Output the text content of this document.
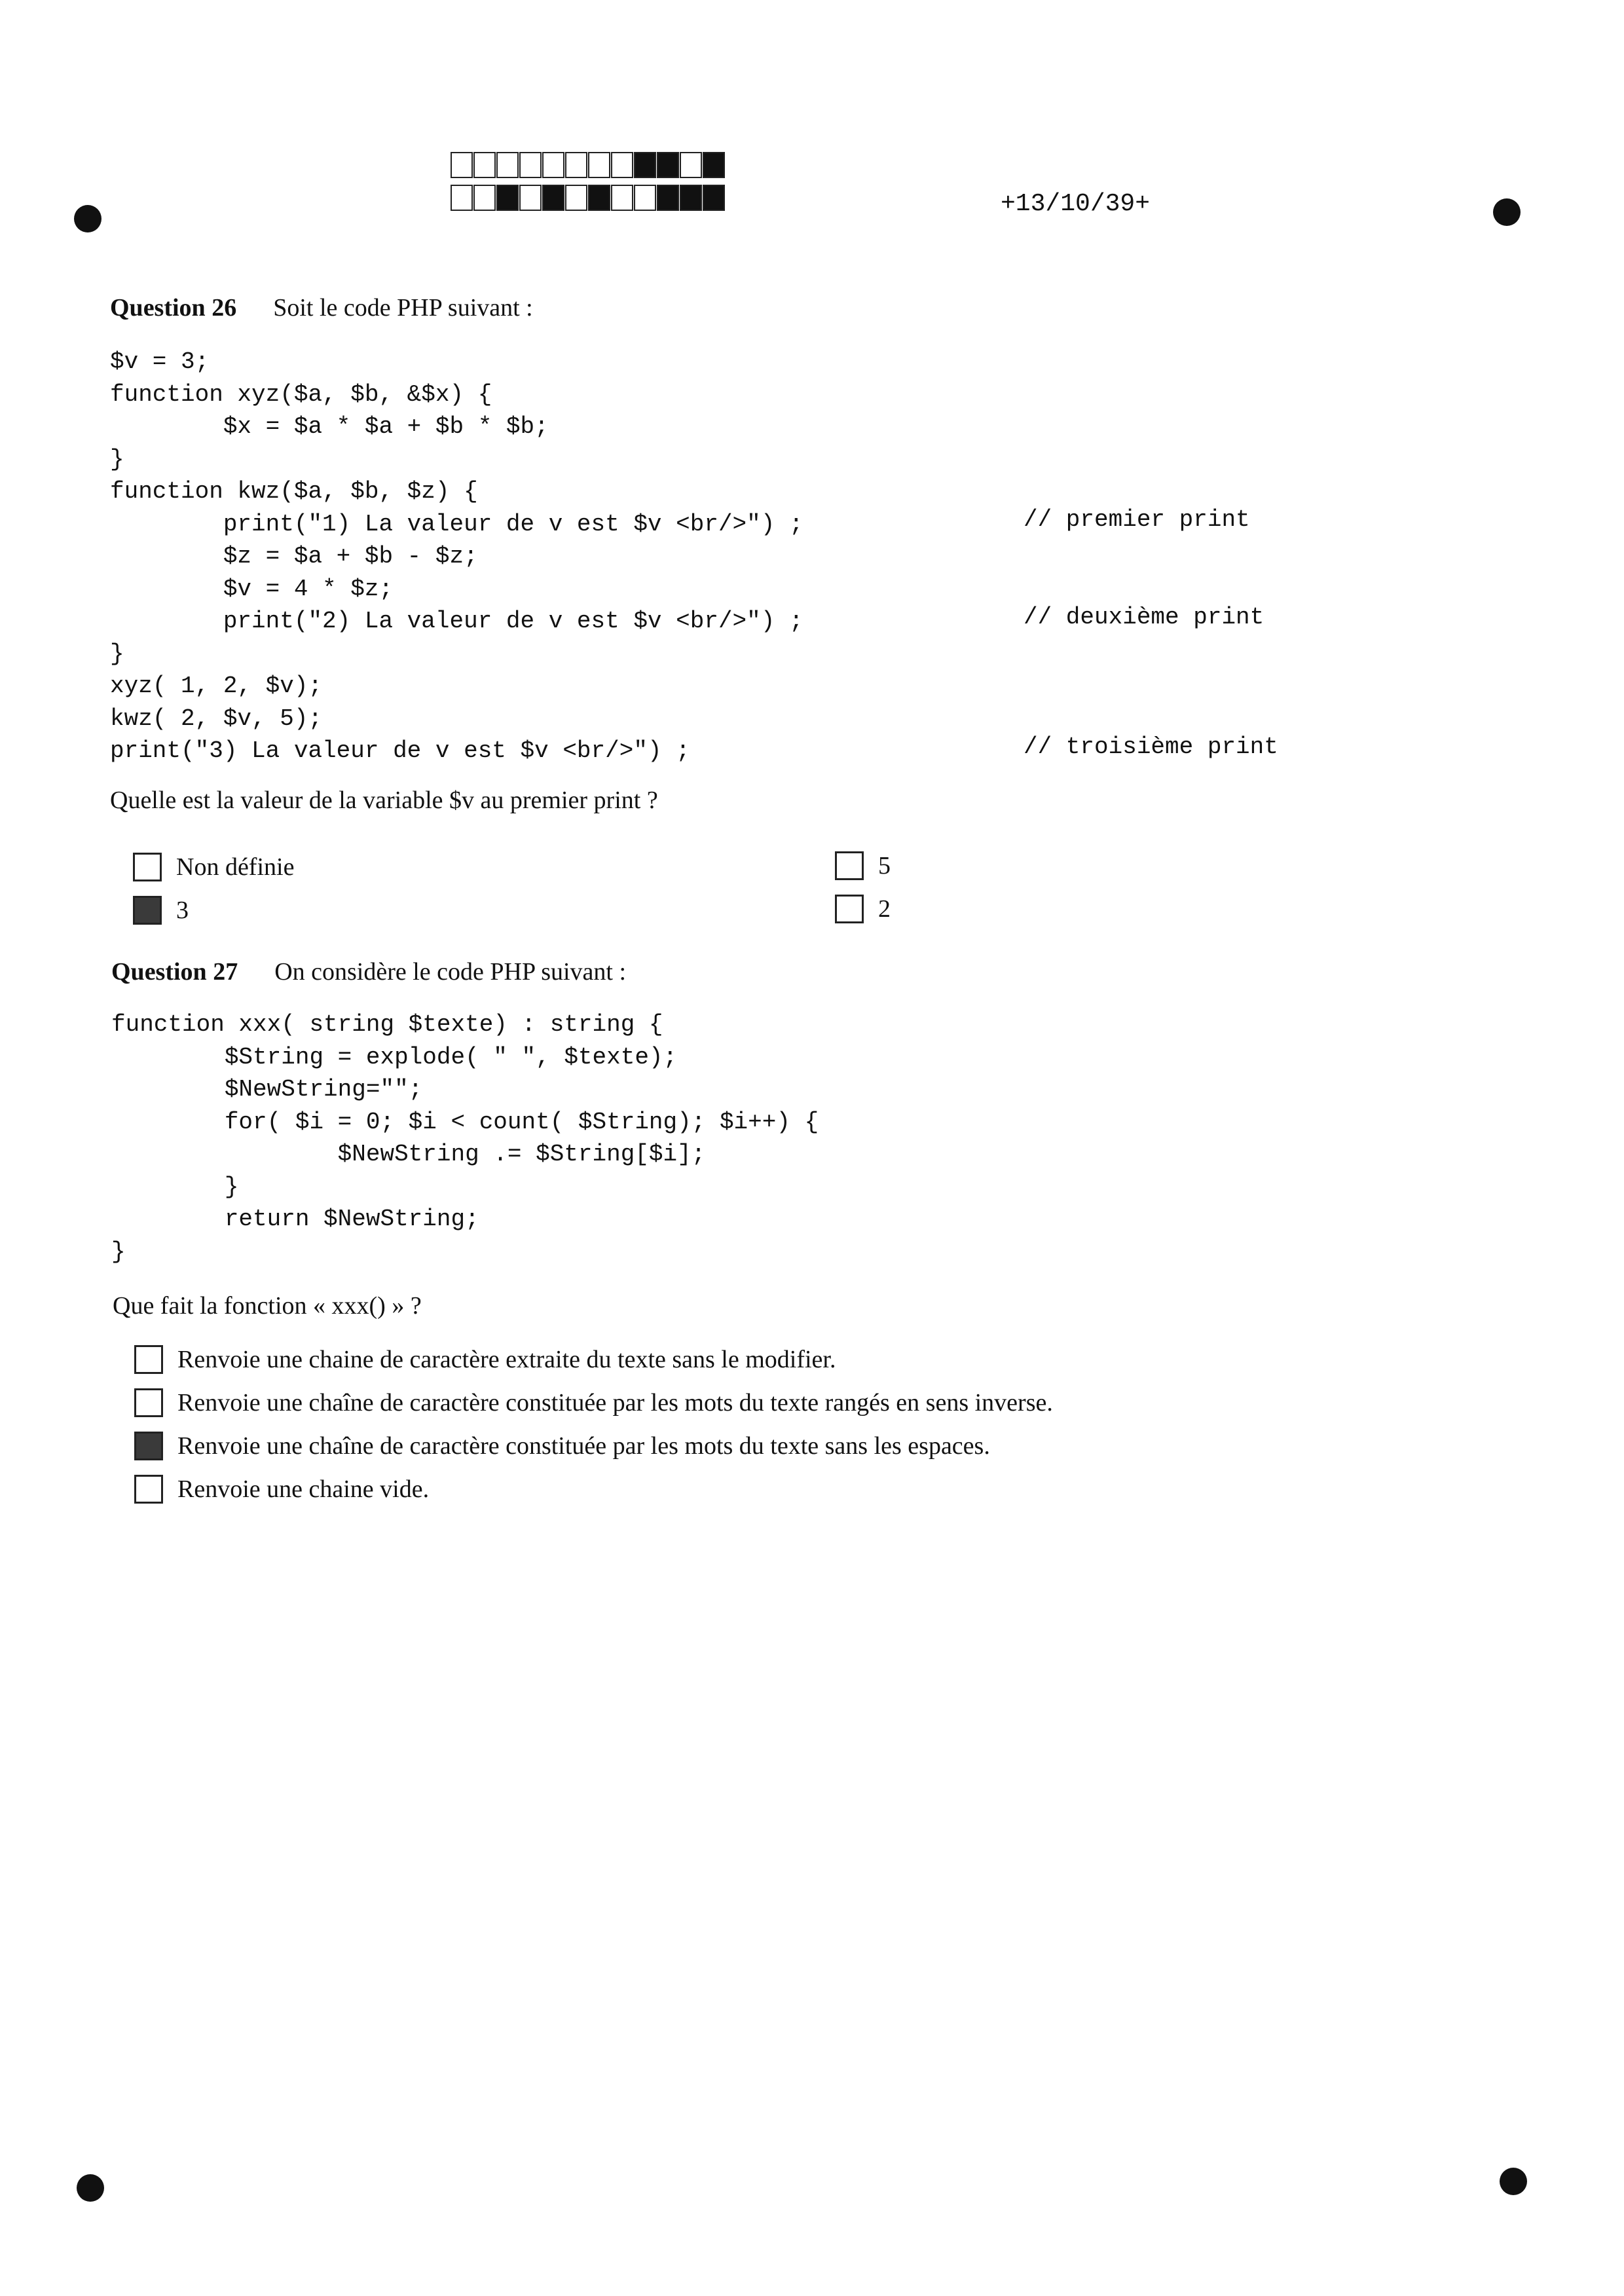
+13/10/39+
Question 26 Soit le code PHP suivant :
$v = 3;
function xyz($a, $b, &$x) {
$x = $a * $a + $b * $b;
}
function kwz($a, $b, $z) {
print("1) La valeur de v est $v <br/>") ;
$z = $a + $b - $z;
$v = 4 * $z;
print("2) La valeur de v est $v <br/>") ;
}
xyz( 1, 2, $v);
kwz( 2, $v, 5);
print("3) La valeur de v est $v <br/>") ;
// premier print
// deuxième print
// troisième print
Quelle est la valeur de la variable $v au premier print ?
Non définie
3
5
2
Question 27 On considère le code PHP suivant :
function xxx( string $texte) : string {
$String = explode( " ", $texte);
$NewString="";
for( $i = 0; $i < count( $String); $i++) {
$NewString .= $String[$i];
}
return $NewString;
}
Que fait la fonction « xxx() » ?
Renvoie une chaine de caractère extraite du texte sans le modifier.
Renvoie une chaîne de caractère constituée par les mots du texte rangés en sens inverse.
Renvoie une chaîne de caractère constituée par les mots du texte sans les espaces.
Renvoie une chaine vide.
